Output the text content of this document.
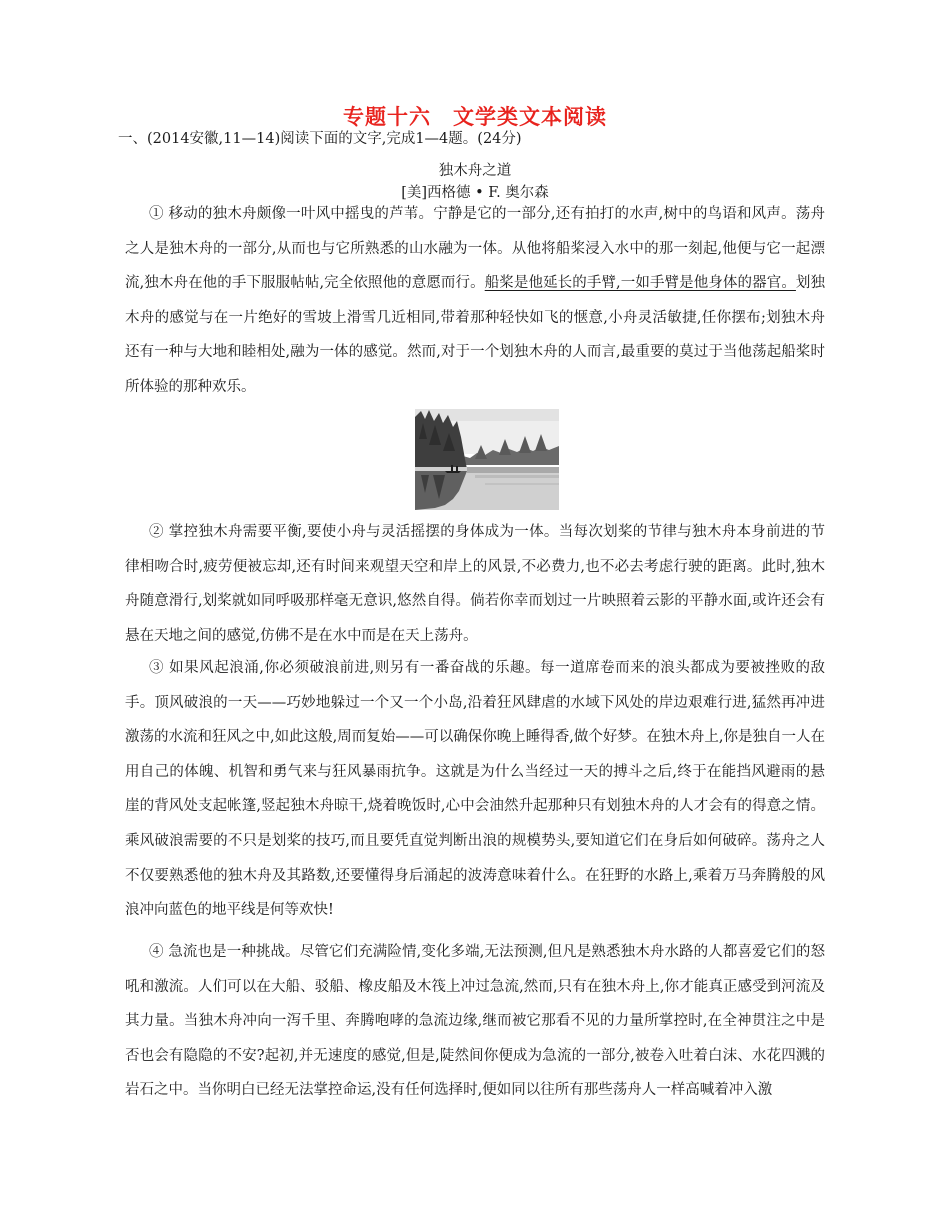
专题十六　文学类文本阅读
一、(2014安徽,11—14)阅读下面的文字,完成1—4题。(24分)
独木舟之道
[美]西格德 • F. 奥尔森

① 移动的独木舟颇像一叶风中摇曳的芦苇。宁静是它的一部分,还有拍打的水声,树中的鸟语和风声。荡舟之人是独木舟的一部分,从而也与它所熟悉的山水融为一体。从他将船桨浸入水中的那一刻起,他便与它一起漂流,独木舟在他的手下服服帖帖,完全依照他的意愿而行。船桨是他延长的手臂,一如手臂是他身体的器官。划独木舟的感觉与在一片绝好的雪坡上滑雪几近相同,带着那种轻快如飞的惬意,小舟灵活敏捷,任你摆布;划独木舟还有一种与大地和睦相处,融为一体的感觉。然而,对于一个划独木舟的人而言,最重要的莫过于当他荡起船桨时所体验的那种欢乐。

② 掌控独木舟需要平衡,要使小舟与灵活摇摆的身体成为一体。当每次划桨的节律与独木舟本身前进的节律相吻合时,疲劳便被忘却,还有时间来观望天空和岸上的风景,不必费力,也不必去考虑行驶的距离。此时,独木舟随意滑行,划桨就如同呼吸那样毫无意识,悠然自得。倘若你幸而划过一片映照着云影的平静水面,或许还会有悬在天地之间的感觉,仿佛不是在水中而是在天上荡舟。

③ 如果风起浪涌,你必须破浪前进,则另有一番奋战的乐趣。每一道席卷而来的浪头都成为要被挫败的敌手。顶风破浪的一天——巧妙地躲过一个又一个小岛,沿着狂风肆虐的水域下风处的岸边艰难行进,猛然再冲进激荡的水流和狂风之中,如此这般,周而复始——可以确保你晚上睡得香,做个好梦。在独木舟上,你是独自一人在用自己的体魄、机智和勇气来与狂风暴雨抗争。这就是为什么当经过一天的搏斗之后,终于在能挡风避雨的悬崖的背风处支起帐篷,竖起独木舟晾干,烧着晚饭时,心中会油然升起那种只有划独木舟的人才会有的得意之情。乘风破浪需要的不只是划桨的技巧,而且要凭直觉判断出浪的规模势头,要知道它们在身后如何破碎。荡舟之人不仅要熟悉他的独木舟及其路数,还要懂得身后涌起的波涛意味着什么。在狂野的水路上,乘着万马奔腾般的风浪冲向蓝色的地平线是何等欢快!

④ 急流也是一种挑战。尽管它们充满险情,变化多端,无法预测,但凡是熟悉独木舟水路的人都喜爱它们的怒吼和激流。人们可以在大船、驳船、橡皮船及木筏上冲过急流,然而,只有在独木舟上,你才能真正感受到河流及其力量。当独木舟冲向一泻千里、奔腾咆哮的急流边缘,继而被它那看不见的力量所掌控时,在全神贯注之中是否也会有隐隐的不安?起初,并无速度的感觉,但是,陡然间你便成为急流的一部分,被卷入吐着白沫、水花四溅的岩石之中。当你明白已经无法掌控命运,没有任何选择时,便如同以往所有那些荡舟人一样高喊着冲入激
